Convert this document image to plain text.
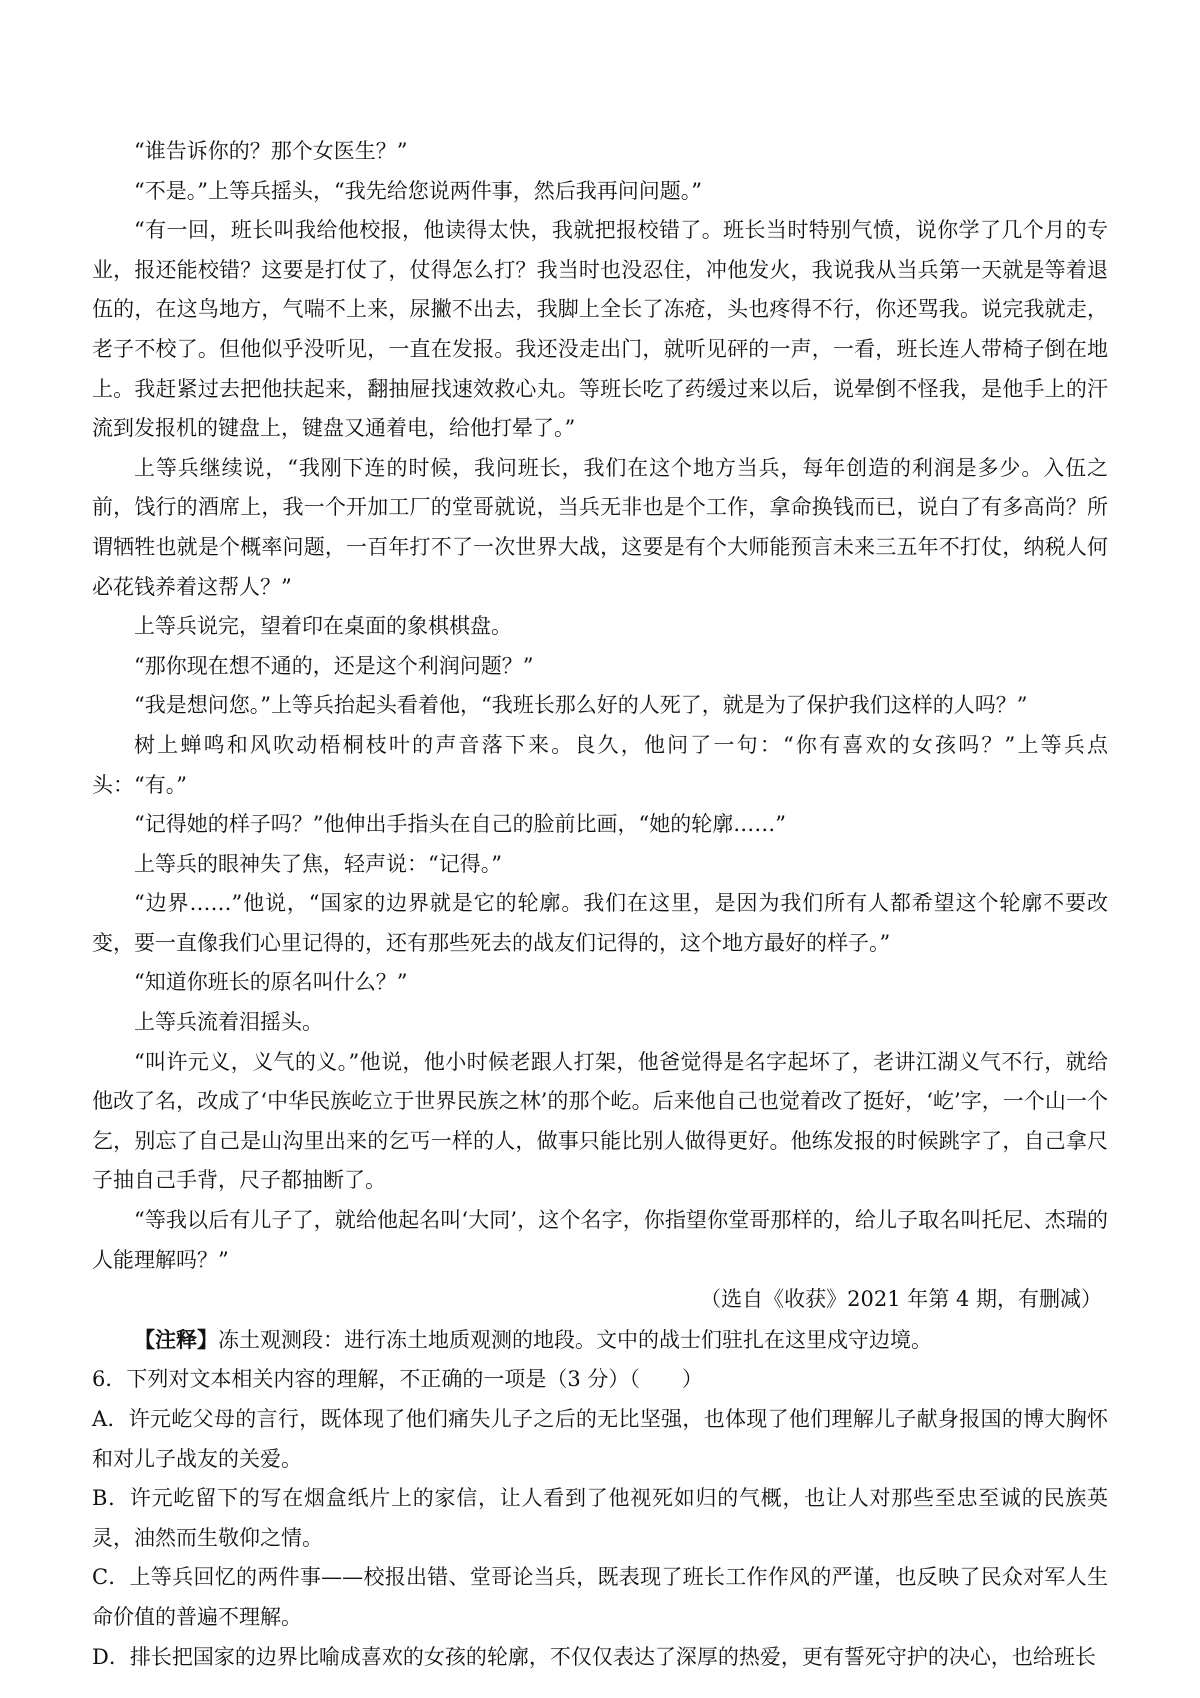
“谁告诉你的？那个女医生？”

“不是。”上等兵摇头，“我先给您说两件事，然后我再问问题。”

“有一回，班长叫我给他校报，他读得太快，我就把报校错了。班长当时特别气愤，说你学了几个月的专业，报还能校错？这要是打仗了，仗得怎么打？我当时也没忍住，冲他发火，我说我从当兵第一天就是等着退伍的，在这鸟地方，气喘不上来，尿撇不出去，我脚上全长了冻疮，头也疼得不行，你还骂我。说完我就走，老子不校了。但他似乎没听见，一直在发报。我还没走出门，就听见砰的一声，一看，班长连人带椅子倒在地上。我赶紧过去把他扶起来，翻抽屉找速效救心丸。等班长吃了药缓过来以后，说晕倒不怪我，是他手上的汗流到发报机的键盘上，键盘又通着电，给他打晕了。”

上等兵继续说，“我刚下连的时候，我问班长，我们在这个地方当兵，每年创造的利润是多少。入伍之前，饯行的酒席上，我一个开加工厂的堂哥就说，当兵无非也是个工作，拿命换钱而已，说白了有多高尚？所谓牺牲也就是个概率问题，一百年打不了一次世界大战，这要是有个大师能预言未来三五年不打仗，纳税人何必花钱养着这帮人？”

上等兵说完，望着印在桌面的象棋棋盘。

“那你现在想不通的，还是这个利润问题？”

“我是想问您。”上等兵抬起头看着他，“我班长那么好的人死了，就是为了保护我们这样的人吗？”

树上蝉鸣和风吹动梧桐枝叶的声音落下来。良久，他问了一句：“你有喜欢的女孩吗？”上等兵点头：“有。”

“记得她的样子吗？”他伸出手指头在自己的脸前比画，“她的轮廓……”

上等兵的眼神失了焦，轻声说：“记得。”

“边界……”他说，“国家的边界就是它的轮廓。我们在这里，是因为我们所有人都希望这个轮廓不要改变，要一直像我们心里记得的，还有那些死去的战友们记得的，这个地方最好的样子。”

“知道你班长的原名叫什么？”

上等兵流着泪摇头。

“叫许元义，义气的义。”他说，他小时候老跟人打架，他爸觉得是名字起坏了，老讲江湖义气不行，就给他改了名，改成了‘中华民族屹立于世界民族之林’的那个屹。后来他自己也觉着改了挺好，‘屹’字，一个山一个乞，别忘了自己是山沟里出来的乞丐一样的人，做事只能比别人做得更好。他练发报的时候跳字了，自己拿尺子抽自己手背，尺子都抽断了。

“等我以后有儿子了，就给他起名叫‘大同’，这个名字，你指望你堂哥那样的，给儿子取名叫托尼、杰瑞的人能理解吗？”

（选自《收获》2021 年第 4 期，有删减）

【注释】冻土观测段：进行冻土地质观测的地段。文中的战士们驻扎在这里戍守边境。

6．下列对文本相关内容的理解，不正确的一项是（3 分）（　　）

A．许元屹父母的言行，既体现了他们痛失儿子之后的无比坚强，也体现了他们理解儿子献身报国的博大胸怀和对儿子战友的关爱。

B．许元屹留下的写在烟盒纸片上的家信，让人看到了他视死如归的气概，也让人对那些至忠至诚的民族英灵，油然而生敬仰之情。

C．上等兵回忆的两件事——校报出错、堂哥论当兵，既表现了班长工作作风的严谨，也反映了民众对军人生命价值的普遍不理解。

D．排长把国家的边界比喻成喜欢的女孩的轮廓，不仅仅表达了深厚的热爱，更有誓死守护的决心，也给班长
